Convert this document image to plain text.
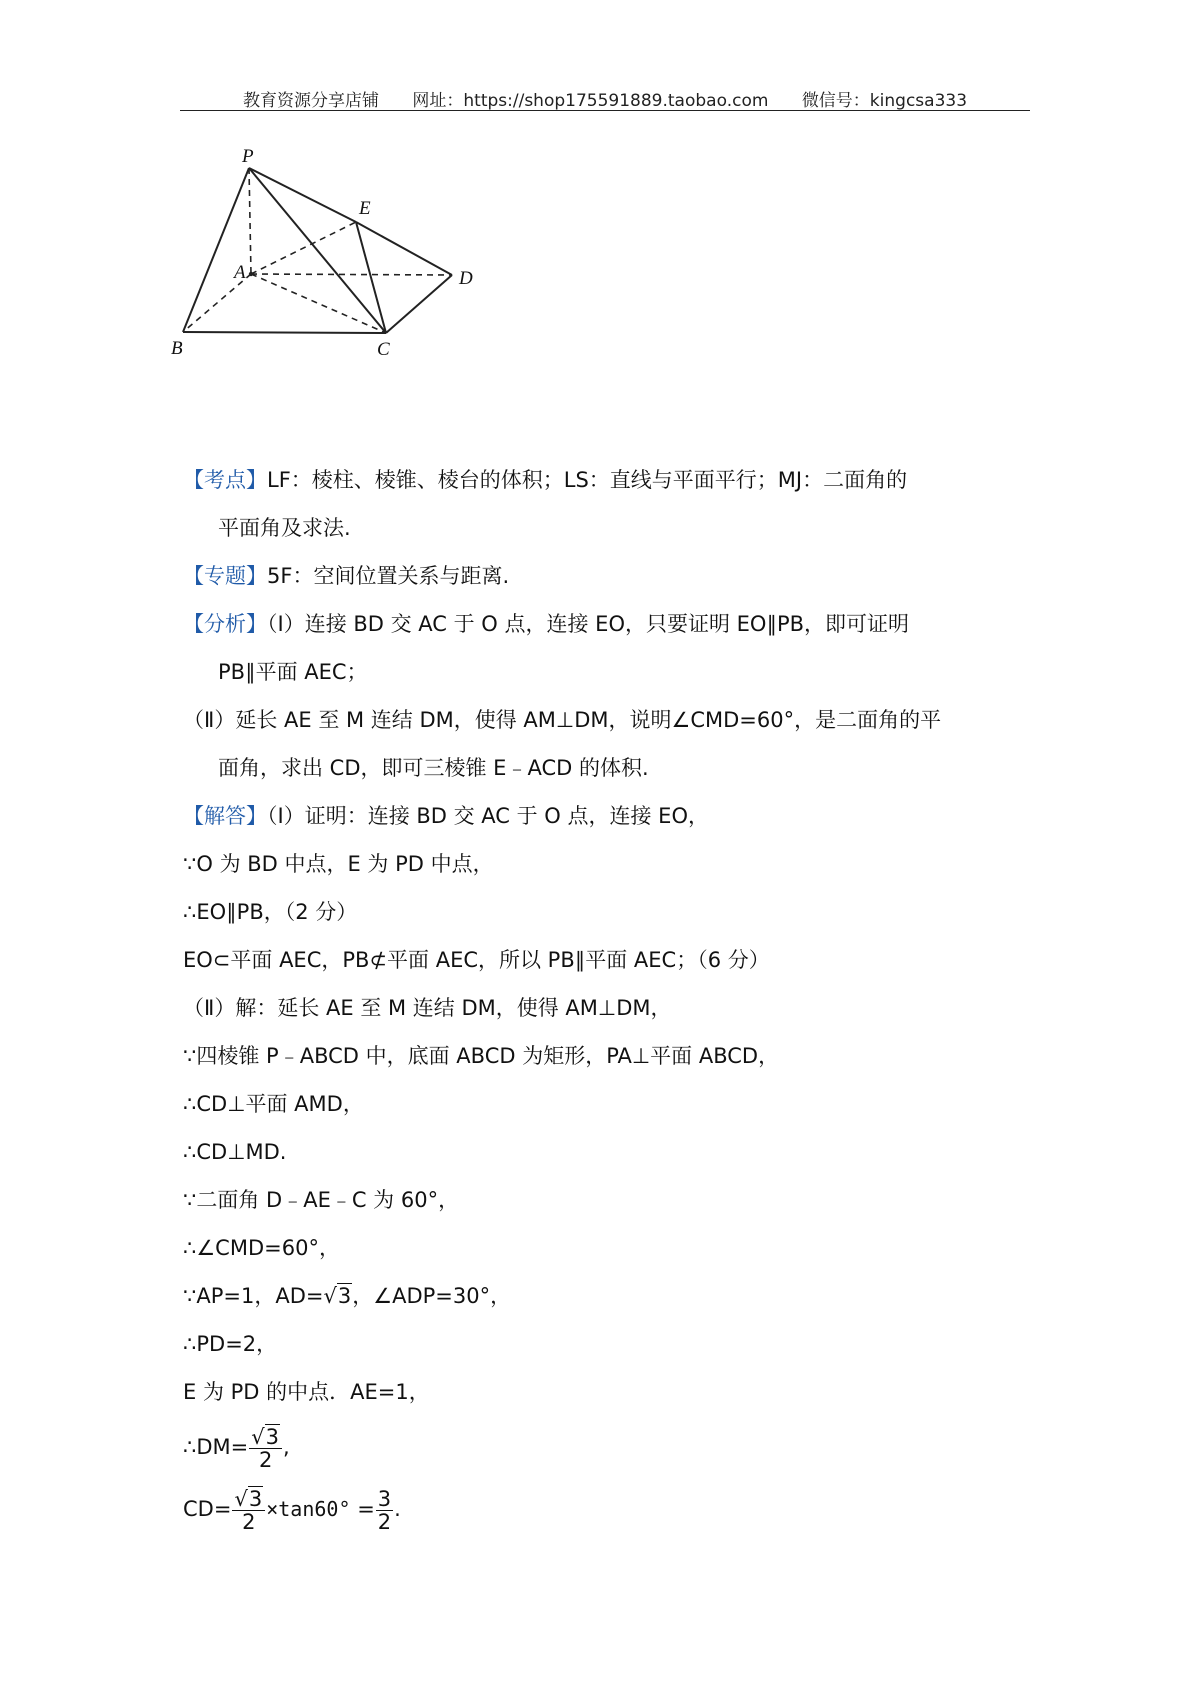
教育资源分享店铺 网址：https://shop175591889.taobao.com 微信号：kingcsa333
P
E
A	D
B	C

【考点】LF：棱柱、棱锥、棱台的体积；LS：直线与平面平行；MJ：二面角的

平面角及求法.

【专题】5F：空间位置关系与距离.

【分析】（Ⅰ）连接 BD 交 AC 于 O 点，连接 EO，只要证明 EO∥PB，即可证明

PB∥平面 AEC；

（Ⅱ）延长 AE 至 M 连结 DM，使得 AM⊥DM，说明∠CMD=60°，是二面角的平

面角，求出 CD，即可三棱锥 E﹣ACD 的体积.

【解答】（Ⅰ）证明：连接 BD 交 AC 于 O 点，连接 EO，

∵O 为 BD 中点，E 为 PD 中点，

∴EO∥PB，（2 分）

EO⊂平面 AEC，PB⊄平面 AEC，所以 PB∥平面 AEC；（6 分）

（Ⅱ）解：延长 AE 至 M 连结 DM，使得 AM⊥DM，

∵四棱锥 P﹣ABCD 中，底面 ABCD 为矩形，PA⊥平面 ABCD，

∴CD⊥平面 AMD，

∴CD⊥MD.

∵二面角 D﹣AE﹣C 为 60°，

∴∠CMD=60°，

∵AP=1，AD=√3，∠ADP=30°，

∴PD=2，

E 为 PD 的中点．AE=1，

∴DM= $\frac{√3}{2}$ ,

$CD= \frac{√3}{2} \times\tan 60^\circ = \frac{3}{2}$ .
